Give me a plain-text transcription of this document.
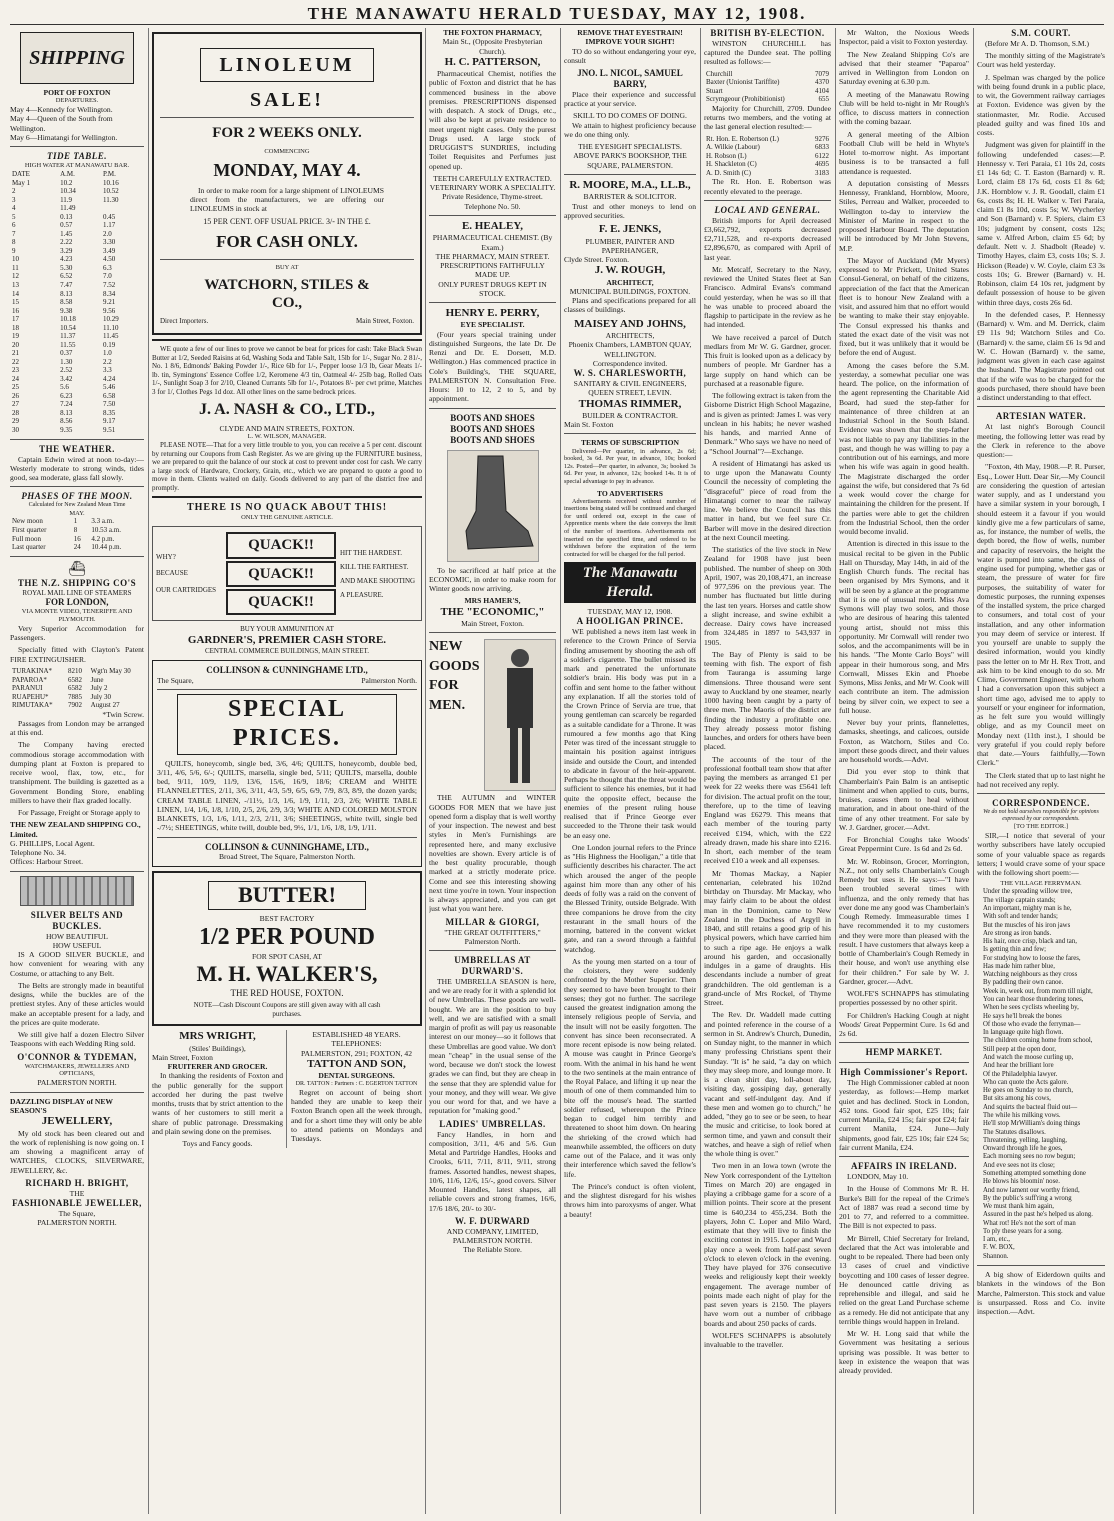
THE MANAWATU HERALD TUESDAY, MAY 12, 1908.
SHIPPING
PORT OF FOXTON
DEPARTURES.
May 4—Kennedy for Wellington.
May 4—Queen of the South from Wellington.
May 6—Himatangi for Wellington.
TIDE TABLE.
HIGH WATER AT MANAWATU BAR.
DATE	A.M.	P.M.
May 1	10.2	10.16
2	10.34	10.52
3	11.9	11.30
4	11.49	
5	0.13	0.45
6	0.57	1.17
7	1.45	2.0
8	2.22	3.30
9	3.29	3.49
10	4.23	4.50
11	5.30	6.3
12	6.52	7.0
13	7.47	7.52
14	8.13	8.34
15	8.58	9.21
16	9.38	9.56
17	10.18	10.29
18	10.54	11.10
19	11.37	11.45
20	11.55	0.19
21	0.37	1.0
22	1.30	2.2
23	2.52	3.3
24	3.42	4.24
25	5.6	5.46
26	6.23	6.58
27	7.24	7.50
28	8.13	8.35
29	8.56	9.17
30	9.35	9.51
THE WEATHER.

Captain Edwin wired at noon to-day:—Westerly moderate to strong winds, tides good, sea moderate, glass fall slowly.

PHASES OF THE MOON.
Calculated for New Zealand Mean Time
MAY.
New moon	1	3.3 a.m.
First quarter	8	10.53 a.m.
Full moon	16	4.2 p.m.
Last quarter	24	10.44 p.m.
⛴
THE N.Z. SHIPPING CO'S
ROYAL MAIL LINE OF STEAMERS
FOR LONDON,
VIA MONTE VIDEO, TENERIFFE AND PLYMOUTH.

Very Superior Accommodation for Passengers.

Specially fitted with Clayton's Patent FIRE EXTINGUISHER.

TURAKINA*	8210	Wgt'n May 30
PAPAROA*	6582	June
PARANUI	6582	July 2
RUAPEHU*	7885	July 30
RIMUTAKA*	7902	August 27
*Twin Screw.

Passages from London may be arranged at this end.

The Company having erected commodious storage accommodation with dumping plant at Foxton is prepared to receive wool, flax, tow, etc., for transhipment. The building is gazetted as a Government Bonding Store, enabling millers to have their flax graded locally.

For Passage, Freight or Storage apply to

THE NEW ZEALAND SHIPPING CO., Limited.
G. PHILLIPS, Local Agent.
Telephone No. 34.
Offices: Harbour Street.
SILVER BELTS AND BUCKLES.
HOW BEAUTIFUL
HOW USEFUL

IS A GOOD SILVER BUCKLE, and how convenient for wearing with any Costume, or attaching to any Belt.

The Belts are strongly made in beautiful designs, while the buckles are of the prettiest styles. Any of these articles would make an acceptable present for a lady, and the prices are quite moderate.

We still give half a dozen Electro Silver Teaspoons with each Wedding Ring sold.

O'CONNOR & TYDEMAN,
WATCHMAKERS, JEWELLERS AND OPTICIANS,
PALMERSTON NORTH.
DAZZLING DISPLAY of NEW SEASON'S
JEWELLERY,

My old stock has been cleared out and the work of replenishing is now going on. I am showing a magnificent array of WATCHES, CLOCKS, SILVERWARE, JEWELLERY, &c.

RICHARD H. BRIGHT,
THE
FASHIONABLE JEWELLER,
The Square,
PALMERSTON NORTH.
LINOLEUM
SALE!
FOR 2 WEEKS ONLY.
COMMENCING
MONDAY, MAY 4.

In order to make room for a large shipment of LINOLEUMS direct from the manufacturers, we are offering our LINOLEUMS in stock at

15 PER CENT. OFF USUAL PRICE. 3/- IN THE £.
FOR CASH ONLY.
BUY AT
WATCHORN, STILES & CO.,
Direct Importers.	Main Street, Foxton.

WE quote a few of our lines to prove we cannot be beat for prices for cash: Take Black Swan Butter at 1/2, Seeded Raisins at 6d, Washing Soda and Table Salt, 15lb for 1/-, Sugar No. 2 81/-, No. 1 8/6, Edmonds' Baking Powder 1/-, Rice 6lb for 1/-, Pepper loose 1/3 lb, Gear Meats 1/- lb. tin, Symingtons' Essence Coffee 1/2, Keromene 4/3 tin, Oatmeal 4/- 25lb bag, Rolled Oats 1/-, Sunlight Soap 3 for 2/10, Cleaned Currants 5lb for 1/-, Potatoes 8/- per cwt prime, Matches 3 for 1/, Clothes Pegs 1d doz. All other lines on the same bedrock prices.

J. A. NASH & CO., LTD.,
CLYDE AND MAIN STREETS, FOXTON.
L. W. WILSON, MANAGER.

PLEASE NOTE—That for a very little trouble to you, you can receive a 5 per cent. discount by returning our Coupons from Cash Register. As we are giving up the FURNITURE business, we are prepared to quit the balance of our stock at cost to prevent under cost for cash. We carry a large stock of Hardware, Crockery, Grain, etc., which we are prepared to quote a good to move in them. Clients waited on daily. Goods delivered to any part of the district free and promptly.

THERE IS NO QUACK ABOUT THIS!
ONLY THE GENUINE ARTICLE.
WHY?
BECAUSE
OUR CARTRIDGES
QUACK!!
QUACK!!
QUACK!!
HIT THE HARDEST.
KILL THE FARTHEST.
AND MAKE SHOOTING A PLEASURE.
BUY YOUR AMMUNITION AT
GARDNER'S, PREMIER CASH STORE.
CENTRAL COMMERCE BUILDINGS, MAIN STREET.
COLLINSON & CUNNINGHAME LTD.,
The Square,	Palmerston North.
SPECIAL PRICES.

QUILTS, honeycomb, single bed, 3/6, 4/6; QUILTS, honeycomb, double bed, 3/11, 4/6, 5/6, 6/-; QUILTS, marsella, single bed, 5/11; QUILTS, marsella, double bed, 9/11, 10/9, 11/9, 13/6, 15/6, 16/9, 18/6; CREAM and WHITE FLANNELETTES, 2/11, 3/6, 3/11, 4/3, 5/9, 6/5, 6/9, 7/9, 8/3, 8/9, the dozen yards; CREAM TABLE LINEN, -/11½, 1/3, 1/6, 1/9, 1/11, 2/3, 2/6; WHITE TABLE LINEN, 1/4, 1/6, 1/8, 1/10, 2/5, 2/6, 2/9, 3/3; WHITE AND COLORED MOLSTON BLANKETS, 1/3, 1/6, 1/11, 2/3, 2/11, 3/6; SHEETINGS, white twill, single bed -/7½; SHEETINGS, white twill, double bed, 9½, 1/1, 1/6, 1/8, 1/9, 1/11.

COLLINSON & CUNNINGHAME, LTD.,
Broad Street, The Square, Palmerston North.
BUTTER!
BEST FACTORY
1/2 PER POUND
FOR SPOT CASH, AT
M. H. WALKER'S,
THE RED HOUSE, FOXTON.
NOTE—Cash Discount Coupons are still given away with all cash purchases.
MRS WRIGHT,
(Stiles' Buildings),
Main Street, Foxton
FRUITERER AND GROCER.

In thanking the residents of Foxton and the public generally for the support accorded her during the past twelve months, trusts that by strict attention to the wants of her customers to still merit a share of public patronage. Dressmaking and plain sewing done on the premises.

Toys and Fancy goods.
ESTABLISHED 48 YEARS.
TELEPHONES:
PALMERSTON, 291; FOXTON, 42
TATTON AND SON,
DENTAL SURGEONS.
DR. TATTON : Partners : C. EGERTON TATTON

Regret on account of being short handed they are unable to keep their Foxton Branch open all the week through, and for a short time they will only be able to attend patients on Mondays and Tuesdays.

THE FOXTON PHARMACY,
Main St., (Opposite Presbyterian Church).
H. C. PATTERSON,

Pharmaceutical Chemist, notifies the public of Foxton and district that he has commenced business in the above premises. PRESCRIPTIONS dispensed with despatch. A stock of Drugs, etc., will also be kept at private residence to meet urgent night cases. Only the purest Drugs used. A large stock of DRUGGIST'S SUNDRIES, including Toilet Requisites and Perfumes just opened up.

TEETH CAREFULLY EXTRACTED.
VETERINARY WORK A SPECIALITY.
Private Residence, Thyme-street. Telephone No. 50.
E. HEALEY,
PHARMACEUTICAL CHEMIST. (By Exam.)
THE PHARMACY, MAIN STREET.
PRESCRIPTIONS FAITHFULLY MADE UP.
ONLY PUREST DRUGS KEPT IN STOCK.
HENRY E. PERRY,
EYE SPECIALIST.

(Four years special training under distinguished Surgeons, the late Dr. De Renzi and Dr. E. Dorsett, M.D. Wellington.) Has commenced practice in Cole's Building's, THE SQUARE, PALMERSTON N. Consultation Free. Hours: 10 to 12, 2 to 5, and by appointment.

BOOTS AND SHOES
BOOTS AND SHOES
BOOTS AND SHOES

To be sacrificed at half price at the ECONOMIC, in order to make room for Winter goods now arriving.

MRS HAMER'S,
THE "ECONOMIC,"
Main Street, Foxton.
NEW
GOODS
FOR
MEN.

THE AUTUMN and WINTER GOODS FOR MEN that we have just opened form a display that is well worthy of your inspection. The newest and best styles in Men's Furnishings are represented here, and many exclusive novelties are shown. Every article is of the best quality procurable, though marked at a strictly moderate price. Come and see this interesting showing next time you're in town. Your inspection is always appreciated, and you can get just what you want here.

MILLAR & GIORGI,
"THE GREAT OUTFITTERS,"
Palmerston North.
UMBRELLAS AT DURWARD'S.

THE UMBRELLA SEASON is here, and we are ready for it with a splendid lot of new Umbrellas. These goods are well-bought. We are in the position to buy well, and we are satisfied with a small margin of profit as will pay us reasonable interest on our money—so it follows that these Umbrellas are good value. We don't mean "cheap" in the usual sense of the word, because we don't stock the lowest grades we can find, but they are cheap in the sense that they are splendid value for your money, and they will wear. We give you our word for that, and we have a reputation for "making good."

LADIES' UMBRELLAS.

Fancy Handles, in horn and composition, 3/11, 4/6 and 5/6. Gun Metal and Partridge Handles, Hooks and Crooks, 6/11, 7/11, 8/11, 9/11, strong frames. Assorted handles, newest shapes, 10/6, 11/6, 12/6, 15/-, good covers. Silver Mounted Handles, latest shapes, all reliable covers and strong frames, 16/6, 17/6 18/6, 20/- to 30/-

W. F. DURWARD
AND COMPANY, LIMITED,
PALMERSTON NORTH.
The Reliable Store.
REMOVE THAT EYESTRAIN! IMPROVE YOUR SIGHT!

TO do so without endangering your eye, consult

JNO. L. NICOL, SAMUEL BARRY,

Place their experience and successful practice at your service.

SKILL TO DO COMES OF DOING.

We attain to highest proficiency because we do one thing only.

THE EYESIGHT SPECIALISTS.
ABOVE PARK'S BOOKSHOP, THE SQUARE, PALMERSTON.
R. MOORE, M.A., LL.B.,
BARRISTER & SOLICITOR.

Trust and other moneys to lend on approved securities.

F. E. JENKS,
PLUMBER, PAINTER AND PAPERHANGER,
Clyde Street. Foxton.
J. W. ROUGH,
ARCHITECT,
MUNICIPAL BUILDINGS, FOXTON.

Plans and specifications prepared for all classes of buildings.

MAISEY AND JOHNS,
ARCHITECTS,
Phoenix Chambers, LAMBTON QUAY, WELLINGTON.
Correspondence invited.
W. S. CHARLESWORTH,
SANITARY & CIVIL ENGINEERS,
QUEEN STREET, LEVIN.
THOMAS RIMMER,
BUILDER & CONTRACTOR.
Main St. Foxton
TERMS OF SUBSCRIPTION

Delivered—Per quarter, in advance, 2s 6d; booked, 3s 6d. Per year, in advance, 10s; booked 12s. Posted—Per quarter, in advance, 3s; booked 3s 6d. Per year, in advance, 12s; booked 14s. It is of special advantage to pay in advance.

TO ADVERTISERS

Advertisements received without number of insertions being stated will be continued and charged for until ordered out, except in the case of Apprentice ments where the date conveys the limit of the number of insertions. Advertisements not inserted on the specified time, and ordered to be withdrawn before the expiration of the term contracted for will be charged for the full period.

The Manawatu Herald.
TUESDAY, MAY 12, 1908.
A HOOLIGAN PRINCE.

WE published a news item last week in reference to the Crown Prince of Servia finding amusement by shooting the ash off a soldier's cigarette. The bullet missed its mark and penetrated the unfortunate soldier's brain. His body was put in a coffin and sent home to the father without any explanation. If all the stories told of the Crown Prince of Servia are true, that young gentleman can scarcely be regarded as a suitable candidate for a Throne. It was rumoured a few months ago that King Peter was tired of the incessant struggle to maintain his position against intrigues inside and outside the Court, and intended to abdicate in favour of the heir-apparent. Perhaps he thought that the threat would be sufficient to silence his enemies, but it had quite the opposite effect, because the enemies of the present ruling house realised that if Prince George ever succeeded to the Throne their task would be an easy one.

One London journal refers to the Prince as "His Highness the Hooligan," a title that sufficiently describes his character. The act which aroused the anger of the people against him more than any other of his deeds of folly was a raid on the convent of the Blessed Trinity, outside Belgrade. With three companions he drove from the city restaurant in the small hours of the morning, battered in the convent wicket gate, and ran a sword through a faithful watchdog.

As the young men started on a tour of the cloisters, they were suddenly confronted by the Mother Superior. Then they seemed to have been brought to their senses; they got no further. The sacrilege caused the greatest indignation among the intensely religious people of Servia, and the insult will not be easily forgotten. The convent has since been reconsecrated. A more recent episode is now being related. A mouse was caught in Prince George's room. With the animal in his hand he went to the two sentinels at the main entrance of the Royal Palace, and lifting it up near the mouth of one of them commanded him to bite off the mouse's head. The startled soldier refused, whereupon the Prince began to cudgel him terribly and threatened to shoot him down. On hearing the shrieking of the crowd which had meanwhile assembled, the officers on duty came out of the Palace, and it was only their interference which saved the fellow's life.

The Prince's conduct is often violent, and the slightest disregard for his wishes throws him into paroxysms of anger. What a beauty!

BRITISH BY-ELECTION.

WINSTON CHURCHILL has captured the Dundee seat. The polling resulted as follows:—

Churchill	7079
Baxter (Unionist Tariffite)	4370
Stuart	4104
Scrymgeour (Prohibitionist)	655

Majority for Churchill, 2709. Dundee returns two members, and the voting at the last general election resulted:—

Rt. Hon. E. Robertson (L)	9276
A. Wilkie (Labour)	6833
H. Robson (L)	6122
H. Shackleton (C)	4695
A. D. Smith (C)	3183

The Rt. Hon. E. Robertson was recently elevated to the peerage.

LOCAL AND GENERAL.

British imports for April decreased £3,662,792, exports decreased £2,711,528, and re-exports decreased £2,896,670, as compared with April of last year.

Mr. Metcalf, Secretary to the Navy, reviewed the United States fleet at San Francisco. Admiral Evans's command could yesterday, when he was so ill that he was unable to proceed aboard the flagship to participate in the review as he had intended.

We have received a parcel of Dutch medlars from Mr W. G. Gardner, grocer. This fruit is looked upon as a delicacy by numbers of people. Mr Gardner has a large supply on hand which can be purchased at a reasonable figure.

The following extract is taken from the Gisborne District High School Magazine, and is given as printed: James I. was very unclean in his habits; he never washed his hands, and married Anne of Denmark." Who says we have no need of a "School Journal"?—Exchange.

A resident of Himatangi has asked us to urge upon the Manawatu County Council the necessity of completing the "disgraceful" piece of road from the Himatangi corner to near the railway line. We believe the Council has this matter in hand, but we feel sure Cr. Barber will move in the desired direction at the next Council meeting.

The statistics of the live stock in New Zealand for 1908 have just been published. The number of sheep on 30th April, 1907, was 20,108,471, an increase of 977,596 on the previous year. The number has fluctuated but little during the last ten years. Horses and cattle show a slight increase, and swine exhibit a decrease. Dairy cows have increased from 324,485 in 1897 to 543,937 in 1905.

The Bay of Plenty is said to be teeming with fish. The export of fish from Tauranga is assuming large dimensions. Three thousand were sent away to Auckland by one steamer, nearly 1000 having been caught by a party of three men. The Maoris of the district are finding the industry a profitable one. They already possess motor fishing launches, and orders for others have been placed.

The accounts of the tour of the professional football team show that after paying the members as arranged £1 per week for 22 weeks there was £5641 left for division. The actual profit on the tour, therefore, up to the time of leaving England was £6279. This means that each member of the touring party received £194, which, with the £22 already drawn, made his share into £216. In short, each member of the team received £10 a week and all expenses.

Mr Thomas Mackay, a Napier centenarian, celebrated his 102nd birthday on Thursday. Mr Mackay, who may fairly claim to be about the oldest man in the Dominion, came to New Zealand in the Duchess of Argyll in 1840, and still retains a good grip of his physical powers, which have carried him to such a ripe age. He enjoys a walk around his garden, and occasionally indulges in a game of draughts. His descendants include a number of great grandchildren. The old gentleman is a grand-uncle of Mrs Rockel, of Thyme Street.

The Rev. Dr. Waddell made cutting and pointed reference in the course of a sermon in St. Andrew's Church, Dunedin, on Sunday night, to the manner in which many professing Christians spent their Sunday. "It is" he said, "a day on which they may sleep more, and lounge more. It is a clean shirt day, loll-about day, visiting day, gossiping day, generally vacant and self-indulgent day. And if these men and women go to church," he added, "they go to see or be seen, to hear the music and criticise, to look bored at sermon time, and yawn and consult their watches, and heave a sigh of relief when the whole thing is over."

Two men in an Iowa town (wrote the New York correspondent of the Lyttelton Times on March 20) are engaged in playing a cribbage game for a score of a million points. Their score at the present time is 640,234 to 455,234. Both the players, John C. Loper and Milo Ward, estimate that they will live to finish the exciting contest in 1915. Loper and Ward play once a week from half-past seven o'clock to eleven o'clock in the evening. They have played for 376 consecutive weeks and religiously kept their weekly engagement. The average number of points made each night of play for the past seven years is 2150. The players have worn out a number of cribbage boards and about 250 packs of cards.

WOLFE'S SCHNAPPS is absolutely invaluable to the traveller.

Mr Walton, the Noxious Weeds Inspector, paid a visit to Foxton yesterday.

The New Zealand Shipping Co's are advised that their steamer "Paparoa" arrived in Wellington from London on Saturday evening at 6.30 p.m.

A meeting of the Manawatu Rowing Club will be held to-night in Mr Rough's office, to discuss matters in connection with the coming bazaar.

A general meeting of the Albion Football Club will be held in Whyte's Hotel to-morrow night. As important business is to be transacted a full attendance is requested.

A deputation consisting of Messrs Hennessy, Frankland, Hornblow, Moore, Stiles, Perreau and Walker, proceeded to Wellington to-day to interview the Minister of Marine in respect to the proposed Harbour Board. The deputation will be introduced by Mr John Stevens, M.P.

The Mayor of Auckland (Mr Myers) expressed to Mr Prickett, United States Consul-General, on behalf of the citizens, appreciation of the fact that the American fleet is to honour New Zealand with a visit, and assured him that no effort would be wanting to make their stay enjoyable. The Consul expressed his thanks and stated the exact date of the visit was not fixed, but it was unlikely that it would be before the end of August.

Among the cases before the S.M. yesterday, a somewhat peculiar one was heard. The police, on the information of the agent representing the Charitable Aid Board, had sued the step-father for maintenance of three children at an Industrial School in the South Island. Evidence was shown that the step-father was not liable to pay any liabilities in the past, and though he was willing to pay a contribution out of his earnings, and more when his wife was again in good health. The Magistrate discharged the order against the wife, but considered that 7s 6d a week would cover the charge for maintaining the children for the present. If the parties were able to get the children from the Industrial School, then the order would become invalid.

Attention is directed in this issue to the musical recital to be given in the Public Hall on Thursday, May 14th, in aid of the English Church funds. The recital has been organised by Mrs Symons, and it will be seen by a glance at the programme that it is one of unusual merit. Miss Ava Symons will play two solos, and those who are desirous of hearing this talented young artist, should not miss this opportunity. Mr Cornwall will render two solos, and the accompaniments will be in his hands. "The Monte Carlo Boys" will appear in their humorous song, and Mrs Cornwall, Misses Ekin and Phoebe Symons, Miss Jenks, and Mr W. Cook will each contribute an item. The admission being by silver coin, we expect to see a full house.

Never buy your prints, flannelettes, damasks, sheetings, and calicoes, outside Foxton, as Watchorn, Stiles and Co. import these goods direct, and their values are household words.—Advt.

Did you ever stop to think that Chamberlain's Pain Balm is an antiseptic liniment and when applied to cuts, burns, bruises, causes them to heal without maturation, and in about one-third of the time of any other treatment. For sale by W. J. Gardner, grocer.—Advt.

For Bronchial Coughs take Woods' Great Peppermint Cure. 1s 6d and 2s 6d.

Mr. W. Robinson, Grocer, Morrington, N.Z., not only sells Chamberlain's Cough Remedy but uses it. He says:—"I have been troubled several times with influenza, and the only remedy that has ever done me any good was Chamberlain's Cough Remedy. Immeasurable times I have recommended it to my customers and they were more than pleased with the result. I have customers that always keep a bottle of Chamberlain's Cough Remedy in their house, and won't use anything else for their children." For sale by W. J. Gardner, grocer.—Advt.

WOLFE'S SCHNAPPS has stimulating properties possessed by no other spirit.

For Children's Hacking Cough at night Woods' Great Peppermint Cure. 1s 6d and 2s 6d.

HEMP MARKET.
High Commissioner's Report.

The High Commissioner cabled at noon yesterday, as follows:—Hemp market quiet and has declined. Stock in London, 452 tons. Good fair spot, £25 10s; fair current Manila, £24 15s; fair spot £24; fair current Manila, £24. June—July shipments, good fair, £25 10s; fair £24 5s; fair current Manila, £24.

AFFAIRS IN IRELAND.

LONDON, May 10.

In the House of Commons Mr R. H. Burke's Bill for the repeal of the Crime's Act of 1887 was read a second time by 201 to 77, and referred to a committee. The Bill is not expected to pass.

Mr Birrell, Chief Secretary for Ireland, declared that the Act was intolerable and ought to be repealed. There had been only 13 cases of cruel and vindictive boycotting and 100 cases of lesser degree. He denounced cattle driving as reprehensible and illegal, and said he relied on the great Land Purchase scheme as a remedy. He did not anticipate that any terrible things would happen in Ireland.

Mr W. H. Long said that while the Government was hesitating a serious uprising was possible. It was better to keep in existence the weapon that was already provided.

S.M. COURT.

(Before Mr A. D. Thomson, S.M.)

The monthly sitting of the Magistrate's Court was held yesterday.

J. Spelman was charged by the police with being found drunk in a public place, to wit, the Government railway carriages at Foxton. Evidence was given by the stationmaster, Mr. Rodie. Accused pleaded guilty and was fined 10s and costs.

Judgment was given for plaintiff in the following undefended cases:—P. Hennessy v. Teri Paraia, £1 10s 2d, costs £1 14s 6d; C. T. Easton (Barnard) v. R. Lord, claim £8 17s 6d, costs £1 8s 6d; J.K. Hornblow v. J. R. Goodall, claim £1 6s, costs 8s; H. H. Walker v. Teri Paraia, claim £1 8s 10d, costs 5s; W. Wycherley and Son (Barnard) v. P. Spiers, claim £3 10s; judgment by consent, costs 12s; same v. Alfred Arbon, claim £5 6d; by default. Nett v. J. Shadbolt (Reade) v. Timothy Hayes, claim £3, costs 10s; S. J. Hickson (Reade) v. W. Coyle, claim £3 3s costs 10s; G. Brewer (Barnard) v. H. Robinson, claim £4 10s ret, judgment by default possession of house to be given within three days, costs 26s 6d.

In the defended cases, P. Hennessy (Barnard) v. Wm. and M. Derrick, claim £9 11s 9d; Watchorn Stiles and Co. (Barnard) v. the same, claim £6 1s 9d and W. C. Howan (Barnard) v. the same, judgment was given in each case against the husband. The Magistrate pointed out that if the wife was to be charged for the goods purchased, there should have been a distinct understanding to that effect.

ARTESIAN WATER.

At last night's Borough Council meeting, the following letter was read by the Clerk in reference to the above question:—

"Foxton, 4th May, 1908.—P. R. Purser, Esq., Lower Hutt. Dear Sir,—My Council are considering the question of artesian water supply, and as I understand you have a similar system in your borough, I should esteem it a favour if you would kindly give me a few particulars of same, as, for instance, the number of wells, the depth bored, the flow of wells, number and capacity of reservoirs, the height the water is pumped into same, the class of engine used for pumping, whether gas or steam, the pressure of water for fire purposes, the suitability of water for domestic purposes, the running expenses of the installed system, the price charged to consumers, and total cost of your installation, and any other information you may deem of service or interest. If you yourself are unable to supply the desired information, would you kindly pass the letter on to Mr H. Rex Trott, and ask him to be kind enough to do so. Mr Clime, Government Engineer, with whom I had a conversation upon this subject a short time ago, advised me to apply to yourself or your engineer for information, as he felt sure you would willingly oblige, and as my Council meet on Monday next (11th inst.), I should be very grateful if you could reply before that date.—Yours faithfully,—Town Clerk."

The Clerk stated that up to last night he had not received any reply.

CORRESPONDENCE.
We do not hold ourselves responsible for opinions expressed by our correspondents.
[TO THE EDITOR.]

SIR,—I notice that several of your worthy subscribers have lately occupied some of your valuable space as regards letters; I would crave some of your space with the following short poem:—

THE VILLAGE FERRYMAN.
Under the spreading willow tree,
The village captain stands;
An important, mighty man is he,
With soft and tender hands;
But the muscles of his iron jaws
Are strong as iron bands.
His hair, once crisp, black and tan,
Is getting thin and few;
For studying how to loose the fares,
Has made him rather blue,
Watching neighbours as they cross
By paddling their own canoe.
Week in, week out, from morn till night,
You can hear those thundering tones,
When he sees cyclists wheeling by,
He says he'll break the bones
Of those who evade the ferryman—
In language quite high flown.
The children coming home from school,
Still peep at the open door,
And watch the moose curling up,
And hear the brilliant lore
Of the Philadelphia lawyer.
Who can quote the Acts galore.
He goes on Sunday to no church,
But sits among his cows,
And squirts the bacteal fluid out—
The while his milking vows.
He'll stop MrWilliam's doing things
The Statutes disallows.
Threatening, yelling, laughing,
Onward through life he goes,
Each morning sees no row begun;
And eve sees not its close;
Something attempted something done
He blows his bloomin' nose.
And now lament our worthy friend,
By the public's suff'ring a wrong
We must thank him again,
Assured in the past he's helped us along.
What rot! He's not the sort of man
To ply these years for a song.
I am, etc.,
F. W. BOX,
Shannon.

A big show of Eiderdown quilts and blankets in the windows of the Bon Marche, Palmerston. This stock and value is unsurpassed. Ross and Co. invite inspection.—Advt.
